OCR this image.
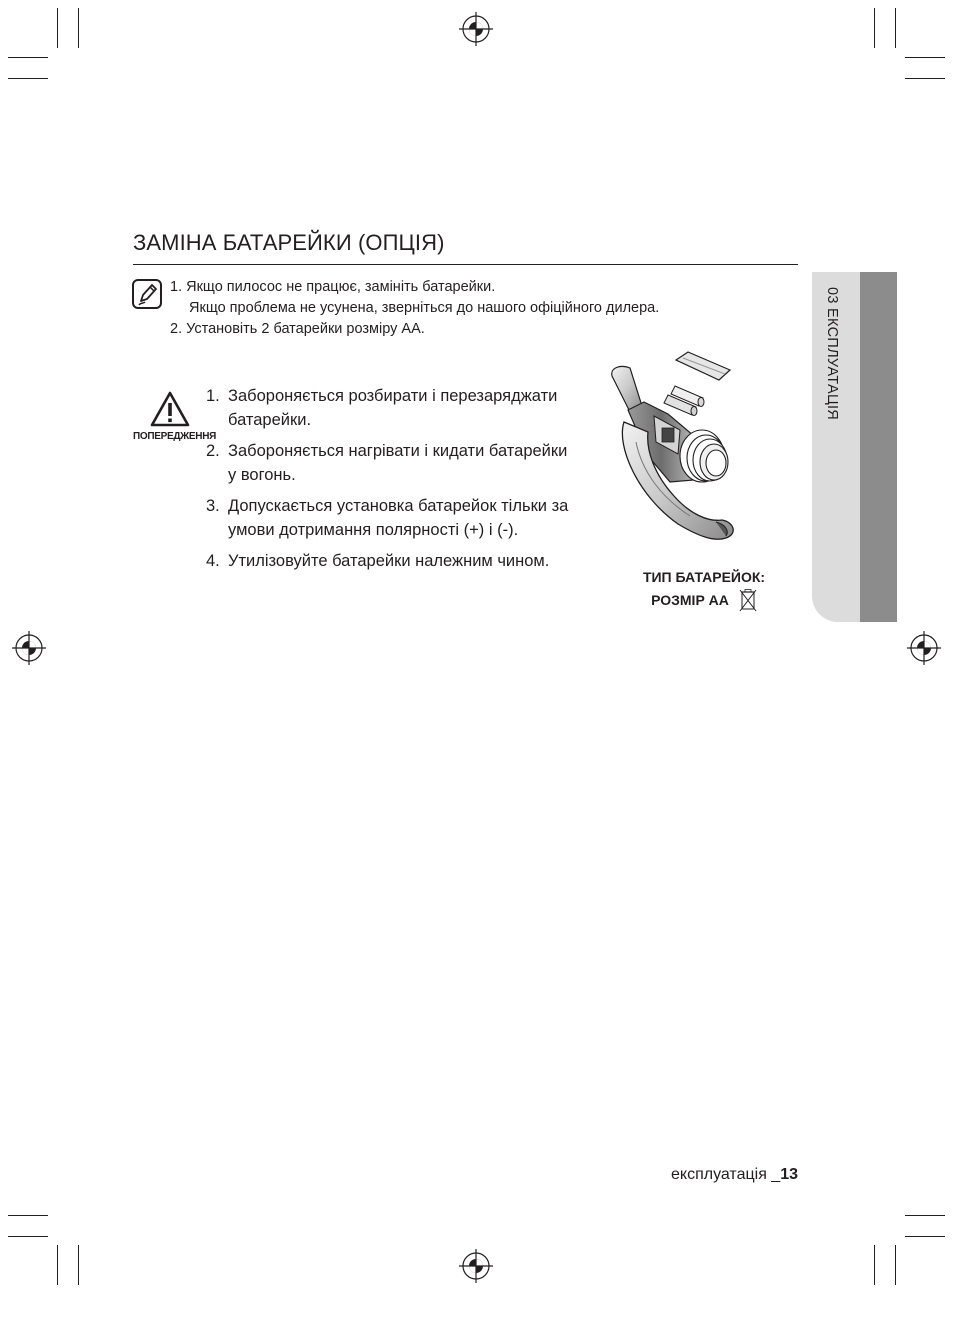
03 ЕКСПЛУАТАЦІЯ
ЗАМІНА БАТАРЕЙКИ (ОПЦІЯ)
1. Якщо пилосос не працює, замініть батарейки.
Якщо проблема не усунена, зверніться до нашого офіційного дилера.
2. Установіть 2 батарейки розміру АА.
ПОПЕРЕДЖЕННЯ
1. Забороняється розбирати і перезаряджати батарейки.
2. Забороняється нагрівати і кидати батарейки у вогонь.
3. Допускається установка батарейок тільки за умови дотримання полярності (+) і (-).
4. Утилізовуйте батарейки належним чином.
ТИП БАТАРЕЙОК:
РОЗМІР АА
експлуатація _13
